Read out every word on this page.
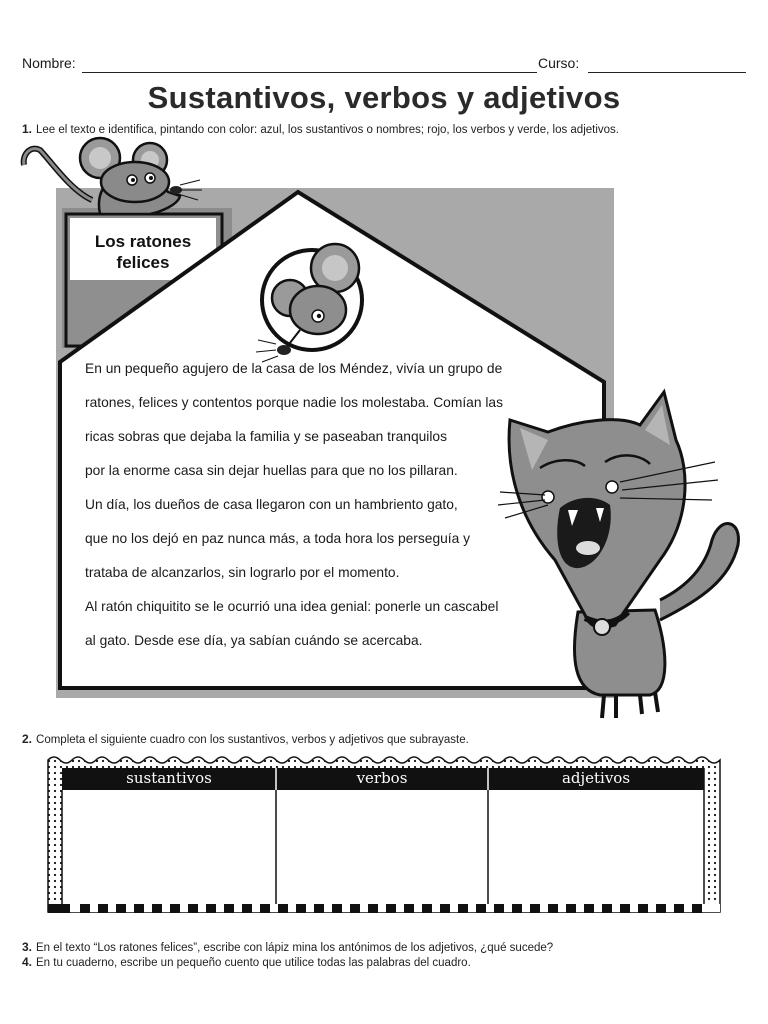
Nombre:	Curso:
Sustantivos, verbos y adjetivos
1. Lee el texto e identifica, pintando con color: azul, los sustantivos o nombres; rojo, los verbos y verde, los adjetivos.
Los ratones
felices

En un pequeño agujero de la casa de los Méndez, vivía un grupo de

ratones, felices y contentos porque nadie los molestaba. Comían las

ricas sobras que dejaba la familia y se paseaban tranquilos

por la enorme casa sin dejar huellas para que no los pillaran.

Un día, los dueños de casa llegaron con un hambriento gato,

que no los dejó en paz nunca más, a toda hora los perseguía y

trataba de alcanzarlos, sin lograrlo por el momento.

Al ratón chiquitito se le ocurrió una idea genial: ponerle un cascabel

al gato. Desde ese día, ya sabían cuándo se acercaba.

2. Completa el siguiente cuadro con los sustantivos, verbos y adjetivos que subrayaste.
sustantivos	verbos	adjetivos
3. En el texto “Los ratones felices”, escribe con lápiz mina los antónimos de los adjetivos, ¿qué sucede?
4. En tu cuaderno, escribe un pequeño cuento que utilice todas las palabras del cuadro.
